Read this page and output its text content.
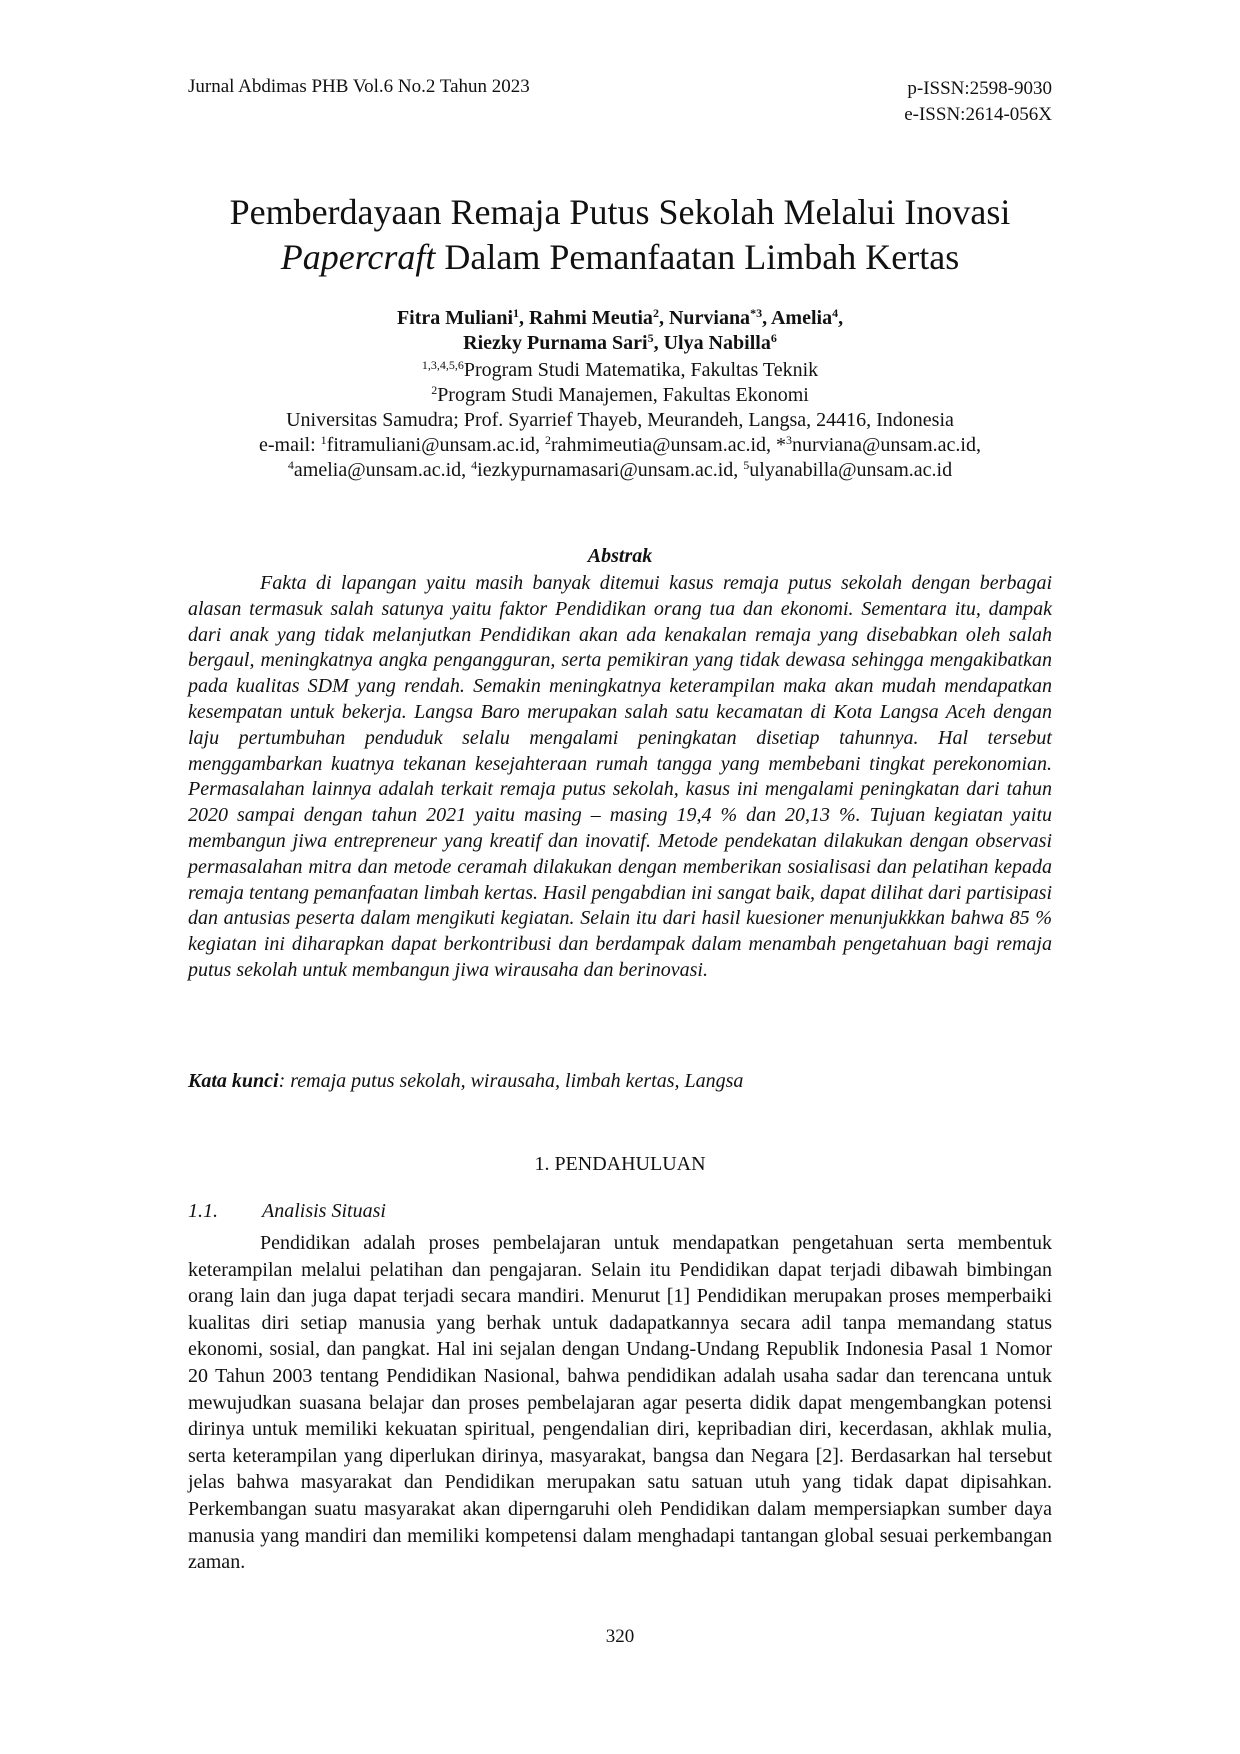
Jurnal Abdimas PHB Vol.6 No.2 Tahun 2023	p-ISSN:2598-9030
e-ISSN:2614-056X
Pemberdayaan Remaja Putus Sekolah Melalui Inovasi
Papercraft Dalam Pemanfaatan Limbah Kertas
Fitra Muliani$^1$, Rahmi Meutia$^2$, Nurviana$^{*3}$, Amelia$^4$,
Riezky Purnama Sari$^5$, Ulya Nabilla$^6$
$^{1,3,4,5,6}$Program Studi Matematika, Fakultas Teknik
$^2$Program Studi Manajemen, Fakultas Ekonomi
Universitas Samudra; Prof. Syarrief Thayeb, Meurandeh, Langsa, 24416, Indonesia
e-mail: $^1$fitramuliani@unsam.ac.id, $^2$rahmimeutia@unsam.ac.id, *$^3$nurviana@unsam.ac.id,
$^4$amelia@unsam.ac.id, $^4$iezkypurnamasari@unsam.ac.id, $^5$ulyanabilla@unsam.ac.id
Abstrak

Fakta di lapangan yaitu masih banyak ditemui kasus remaja putus sekolah dengan berbagai alasan termasuk salah satunya yaitu faktor Pendidikan orang tua dan ekonomi. Sementara itu, dampak dari anak yang tidak melanjutkan Pendidikan akan ada kenakalan remaja yang disebabkan oleh salah bergaul, meningkatnya angka pengangguran, serta pemikiran yang tidak dewasa sehingga mengakibatkan pada kualitas SDM yang rendah. Semakin meningkatnya keterampilan maka akan mudah mendapatkan kesempatan untuk bekerja. Langsa Baro merupakan salah satu kecamatan di Kota Langsa Aceh dengan laju pertumbuhan penduduk selalu mengalami peningkatan disetiap tahunnya. Hal tersebut menggambarkan kuatnya tekanan kesejahteraan rumah tangga yang membebani tingkat perekonomian. Permasalahan lainnya adalah terkait remaja putus sekolah, kasus ini mengalami peningkatan dari tahun 2020 sampai dengan tahun 2021 yaitu masing – masing 19,4 % dan 20,13 %. Tujuan kegiatan yaitu membangun jiwa entrepreneur yang kreatif dan inovatif. Metode pendekatan dilakukan dengan observasi permasalahan mitra dan metode ceramah dilakukan dengan memberikan sosialisasi dan pelatihan kepada remaja tentang pemanfaatan limbah kertas. Hasil pengabdian ini sangat baik, dapat dilihat dari partisipasi dan antusias peserta dalam mengikuti kegiatan. Selain itu dari hasil kuesioner menunjukkkan bahwa 85 % kegiatan ini diharapkan dapat berkontribusi dan berdampak dalam menambah pengetahuan bagi remaja putus sekolah untuk membangun jiwa wirausaha dan berinovasi.

Kata kunci: remaja putus sekolah, wirausaha, limbah kertas, Langsa
1. PENDAHULUAN
1.1. Analisis Situasi

Pendidikan adalah proses pembelajaran untuk mendapatkan pengetahuan serta membentuk keterampilan melalui pelatihan dan pengajaran. Selain itu Pendidikan dapat terjadi dibawah bimbingan orang lain dan juga dapat terjadi secara mandiri. Menurut [1] Pendidikan merupakan proses memperbaiki kualitas diri setiap manusia yang berhak untuk dadapatkannya secara adil tanpa memandang status ekonomi, sosial, dan pangkat. Hal ini sejalan dengan Undang-Undang Republik Indonesia Pasal 1 Nomor 20 Tahun 2003 tentang Pendidikan Nasional, bahwa pendidikan adalah usaha sadar dan terencana untuk mewujudkan suasana belajar dan proses pembelajaran agar peserta didik dapat mengembangkan potensi dirinya untuk memiliki kekuatan spiritual, pengendalian diri, kepribadian diri, kecerdasan, akhlak mulia, serta keterampilan yang diperlukan dirinya, masyarakat, bangsa dan Negara [2]. Berdasarkan hal tersebut jelas bahwa masyarakat dan Pendidikan merupakan satu satuan utuh yang tidak dapat dipisahkan. Perkembangan suatu masyarakat akan diperngaruhi oleh Pendidikan dalam mempersiapkan sumber daya manusia yang mandiri dan memiliki kompetensi dalam menghadapi tantangan global sesuai perkembangan zaman.

320
